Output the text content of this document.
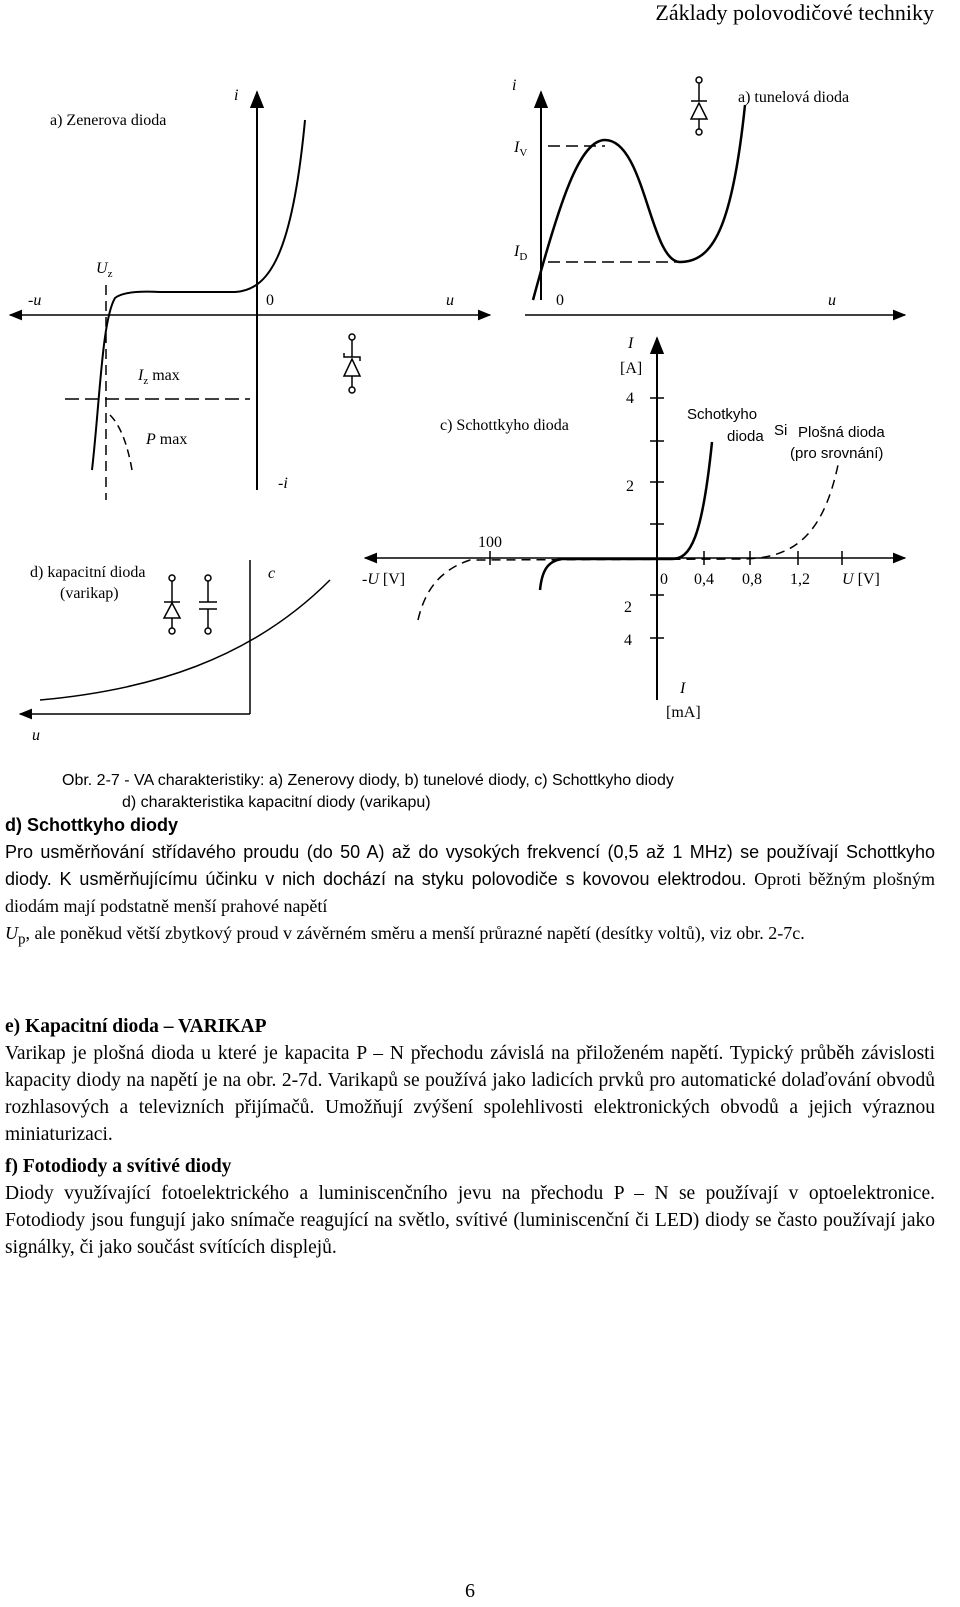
Základy polovodičové techniky
a) Zenerova dioda
i
-u	0	u
-i
$U_z$
$I_z$ max
P max
a) tunelová dioda
i
0	u
$I_V$
$I_D$
c) Schottkyho dioda
I
[A]
4
2
100
0 0,4 0,8 1,2 U [V]
-U [V]
2
4
I
[mA]
Schotkyho
dioda Si Plošná dioda
(pro srovnání)
d) kapacitní dioda
(varikap)
c
u
Obr. 2-7 - VA charakteristiky: a) Zenerovy diody, b) tunelové diody, c) Schottkyho diody
d) charakteristika kapacitní diody (varikapu)

d) Schottkyho diody

Pro usměrňování střídavého proudu (do 50 A) až do vysokých frekvencí (0,5 až 1 MHz) se používají Schottkyho diody. K usměrňujícímu účinku v nich dochází na styku polovodiče s kovovou elektrodou. Oproti běžným plošným diodám mají podstatně menší prahové napětí
$U_p$, ale poněkud větší zbytkový proud v závěrném směru a menší průrazné napětí (desítky voltů), viz obr. 2-7c.

e) Kapacitní dioda – VARIKAP

Varikap je plošná dioda u které je kapacita P – N přechodu závislá na přiloženém napětí. Typický průběh závislosti kapacity diody na napětí je na obr. 2-7d. Varikapů se používá jako ladicích prvků pro automatické dolaďování obvodů rozhlasových a televizních přijímačů. Umožňují zvýšení spolehlivosti elektronických obvodů a jejich výraznou miniaturizaci.

f) Fotodiody a svítivé diody

Diody využívající fotoelektrického a luminiscenčního jevu na přechodu P – N se používají v optoelektronice. Fotodiody jsou fungují jako snímače reagující na světlo, svítivé (luminiscenční či LED) diody se často používají jako signálky, či jako součást svítících displejů.

6
